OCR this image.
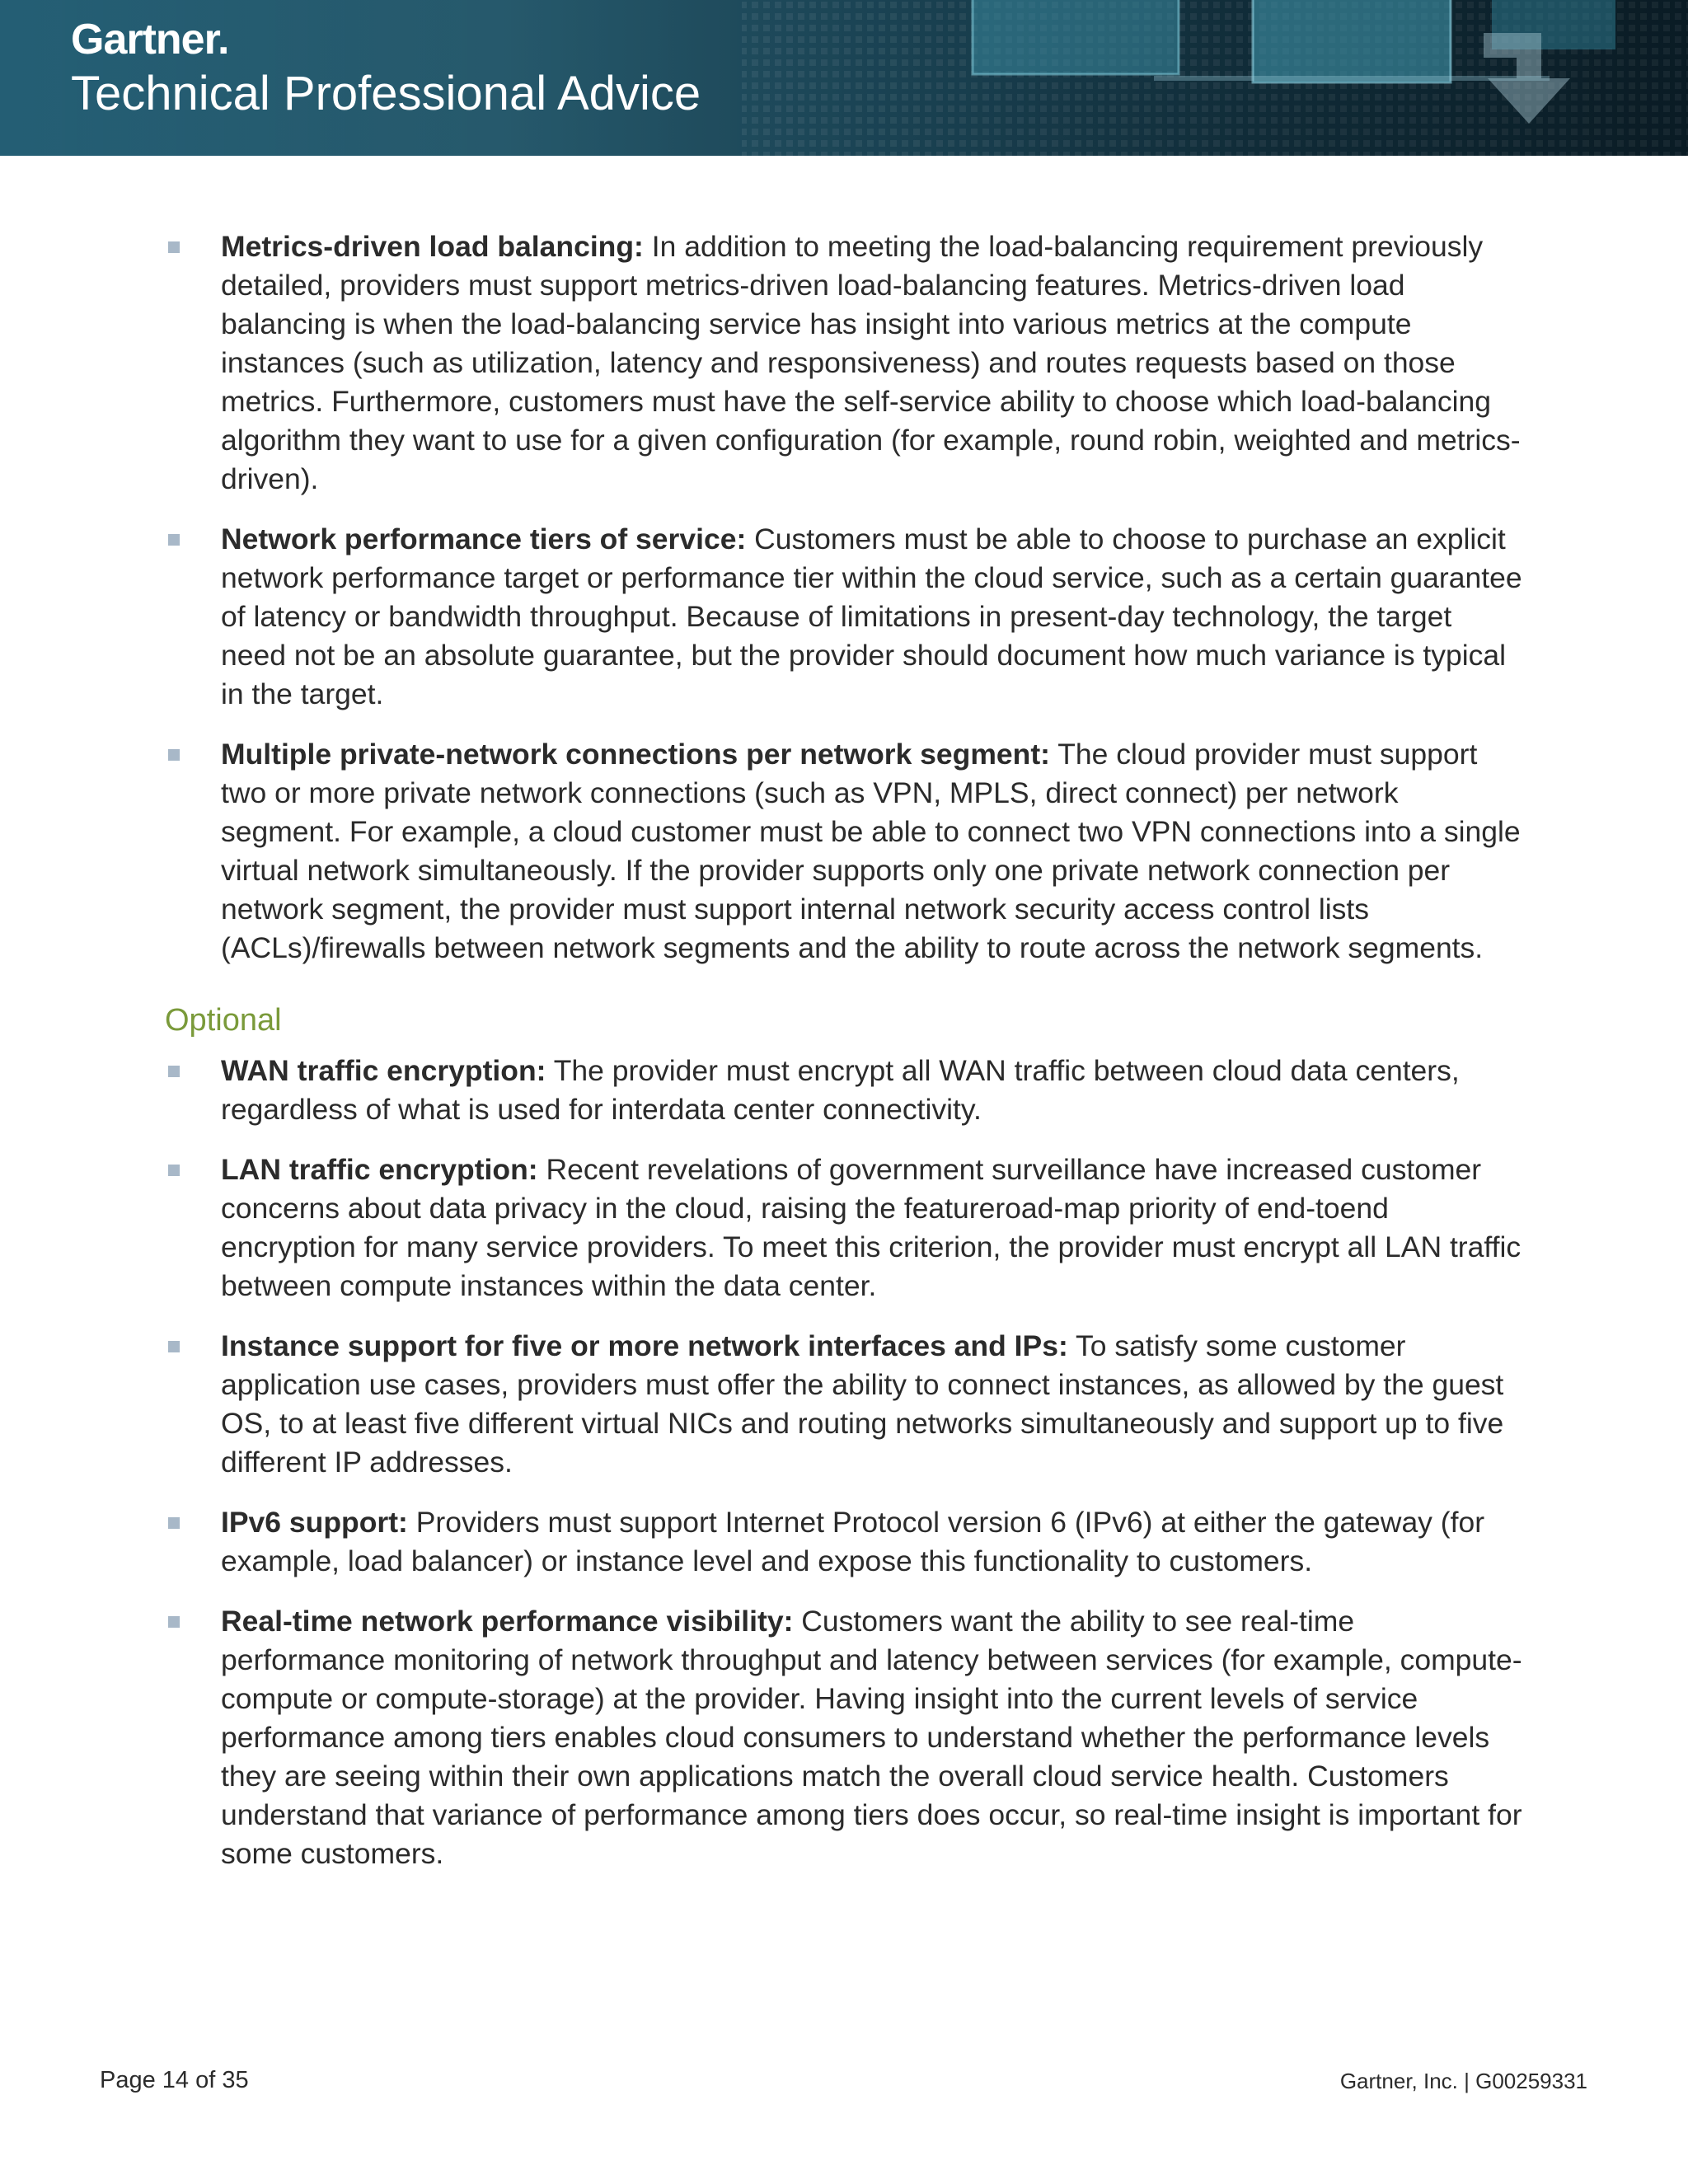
Gartner.
Technical Professional Advice
Metrics-driven load balancing: In addition to meeting the load-balancing requirement previously detailed, providers must support metrics-driven load-balancing features. Metrics-driven load balancing is when the load-balancing service has insight into various metrics at the compute instances (such as utilization, latency and responsiveness) and routes requests based on those metrics. Furthermore, customers must have the self-service ability to choose which load-balancing algorithm they want to use for a given configuration (for example, round robin, weighted and metrics-driven).
Network performance tiers of service: Customers must be able to choose to purchase an explicit network performance target or performance tier within the cloud service, such as a certain guarantee of latency or bandwidth throughput. Because of limitations in present-day technology, the target need not be an absolute guarantee, but the provider should document how much variance is typical in the target.
Multiple private-network connections per network segment: The cloud provider must support two or more private network connections (such as VPN, MPLS, direct connect) per network segment. For example, a cloud customer must be able to connect two VPN connections into a single virtual network simultaneously. If the provider supports only one private network connection per network segment, the provider must support internal network security access control lists (ACLs)/firewalls between network segments and the ability to route across the network segments.
Optional
WAN traffic encryption: The provider must encrypt all WAN traffic between cloud data centers, regardless of what is used for interdata center connectivity.
LAN traffic encryption: Recent revelations of government surveillance have increased customer concerns about data privacy in the cloud, raising the featureroad-map priority of end-toend encryption for many service providers. To meet this criterion, the provider must encrypt all LAN traffic between compute instances within the data center.
Instance support for five or more network interfaces and IPs: To satisfy some customer application use cases, providers must offer the ability to connect instances, as allowed by the guest OS, to at least five different virtual NICs and routing networks simultaneously and support up to five different IP addresses.
IPv6 support: Providers must support Internet Protocol version 6 (IPv6) at either the gateway (for example, load balancer) or instance level and expose this functionality to customers.
Real-time network performance visibility: Customers want the ability to see real-time performance monitoring of network throughput and latency between services (for example, compute-compute or compute-storage) at the provider. Having insight into the current levels of service performance among tiers enables cloud consumers to understand whether the performance levels they are seeing within their own applications match the overall cloud service health. Customers understand that variance of performance among tiers does occur, so real-time insight is important for some customers.
Page 14 of 35	Gartner, Inc. | G00259331
